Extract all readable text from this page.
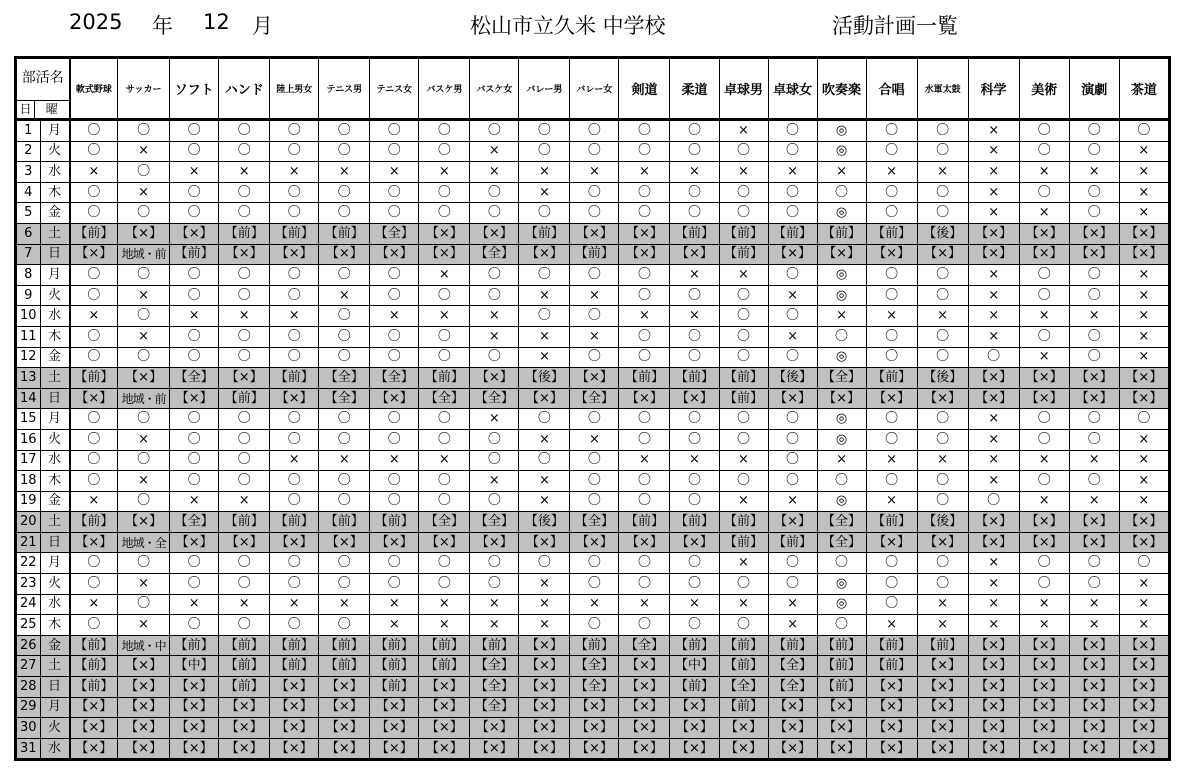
2025 年 12 月	松山市立久米 中学校	活動計画一覧
部活名
日 曜		軟式野球	サッカー	ソフト	ハンド	陸上男女	テニス男	テニス女	バスケ男	バスケ女	バレー男	バレー女	剣道	柔道	卓球男	卓球女	吹奏楽	合唱	水軍太鼓	科学	美術	演劇	茶道
1	月	〇	〇	〇	〇	〇	〇	〇	〇	〇	〇	〇	〇	〇	×	〇	◎	〇	〇	×	〇	〇	〇
2	火	〇	×	〇	〇	〇	〇	〇	〇	×	〇	〇	〇	〇	〇	〇	◎	〇	〇	×	〇	〇	×
3	水	×	〇	×	×	×	×	×	×	×	×	×	×	×	×	×	×	×	×	×	×	×	×
4	木	〇	×	〇	〇	〇	〇	〇	〇	〇	×	〇	〇	〇	〇	〇	〇	〇	〇	×	〇	〇	×
5	金	〇	〇	〇	〇	〇	〇	〇	〇	〇	〇	〇	〇	〇	〇	〇	◎	〇	〇	×	×	〇	×
6	土	【前】	【×】	【×】	【前】	【前】	【前】	【全】	【×】	【×】	【前】	【×】	【×】	【前】	【前】	【前】	【前】	【前】	【後】	【×】	【×】	【×】	【×】
7	日	【×】	地域・前	【前】	【×】	【×】	【×】	【×】	【×】	【全】	【×】	【前】	【×】	【×】	【前】	【×】	【×】	【×】	【×】	【×】	【×】	【×】	【×】
8	月	〇	〇	〇	〇	〇	〇	〇	×	〇	〇	〇	〇	×	×	〇	◎	〇	〇	×	〇	〇	×
9	火	〇	×	〇	〇	〇	×	〇	〇	〇	×	×	〇	〇	〇	×	◎	〇	〇	×	〇	〇	×
10	水	×	〇	×	×	×	〇	×	×	×	〇	〇	×	×	〇	〇	×	×	×	×	×	×	×
11	木	〇	×	〇	〇	〇	〇	〇	〇	×	×	×	〇	〇	〇	×	〇	〇	〇	×	〇	〇	×
12	金	〇	〇	〇	〇	〇	〇	〇	〇	〇	×	〇	〇	〇	〇	〇	◎	〇	〇	〇	×	〇	×
13	土	【前】	【×】	【全】	【×】	【前】	【全】	【全】	【前】	【×】	【後】	【×】	【前】	【前】	【前】	【後】	【全】	【前】	【後】	【×】	【×】	【×】	【×】
14	日	【×】	地域・前	【×】	【前】	【×】	【全】	【×】	【全】	【全】	【×】	【全】	【×】	【×】	【前】	【×】	【×】	【×】	【×】	【×】	【×】	【×】	【×】
15	月	〇	〇	〇	〇	〇	〇	〇	〇	×	〇	〇	〇	〇	〇	〇	◎	〇	〇	×	〇	〇	〇
16	火	〇	×	〇	〇	〇	〇	〇	〇	〇	×	×	〇	〇	〇	〇	◎	〇	〇	×	〇	〇	×
17	水	〇	〇	〇	〇	×	×	×	×	〇	〇	〇	×	×	×	〇	×	×	×	×	×	×	×
18	木	〇	×	〇	〇	〇	〇	〇	〇	×	×	〇	〇	〇	〇	〇	〇	〇	〇	×	〇	〇	×
19	金	×	〇	×	×	〇	〇	〇	〇	〇	×	〇	〇	〇	×	×	◎	×	〇	〇	×	×	×
20	土	【前】	【×】	【全】	【前】	【前】	【前】	【前】	【全】	【全】	【後】	【全】	【前】	【前】	【前】	【×】	【全】	【前】	【後】	【×】	【×】	【×】	【×】
21	日	【×】	地域・全	【×】	【×】	【×】	【×】	【×】	【×】	【×】	【×】	【×】	【×】	【×】	【前】	【前】	【全】	【×】	【×】	【×】	【×】	【×】	【×】
22	月	〇	〇	〇	〇	〇	〇	〇	〇	〇	〇	〇	〇	〇	×	〇	〇	〇	〇	×	〇	〇	〇
23	火	〇	×	〇	〇	〇	〇	〇	〇	〇	×	〇	〇	〇	〇	〇	◎	〇	〇	×	〇	〇	×
24	水	×	〇	×	×	×	×	×	×	×	×	×	×	×	×	×	◎	〇	×	×	×	×	×
25	木	〇	×	〇	〇	〇	〇	×	×	×	×	〇	〇	〇	〇	×	〇	×	×	×	×	×	×
26	金	【前】	地域・中	【前】	【前】	【前】	【前】	【前】	【前】	【前】	【×】	【前】	【全】	【前】	【前】	【前】	【前】	【前】	【前】	【×】	【×】	【×】	【×】
27	土	【前】	【×】	【中】	【前】	【前】	【前】	【前】	【前】	【全】	【×】	【全】	【×】	【中】	【前】	【全】	【前】	【前】	【×】	【×】	【×】	【×】	【×】
28	日	【前】	【×】	【×】	【前】	【×】	【×】	【前】	【×】	【全】	【×】	【全】	【×】	【前】	【全】	【全】	【前】	【×】	【×】	【×】	【×】	【×】	【×】
29	月	【×】	【×】	【×】	【×】	【×】	【×】	【×】	【×】	【全】	【×】	【×】	【×】	【×】	【前】	【×】	【×】	【×】	【×】	【×】	【×】	【×】	【×】
30	火	【×】	【×】	【×】	【×】	【×】	【×】	【×】	【×】	【×】	【×】	【×】	【×】	【×】	【×】	【×】	【×】	【×】	【×】	【×】	【×】	【×】	【×】
31	水	【×】	【×】	【×】	【×】	【×】	【×】	【×】	【×】	【×】	【×】	【×】	【×】	【×】	【×】	【×】	【×】	【×】	【×】	【×】	【×】	【×】	【×】
